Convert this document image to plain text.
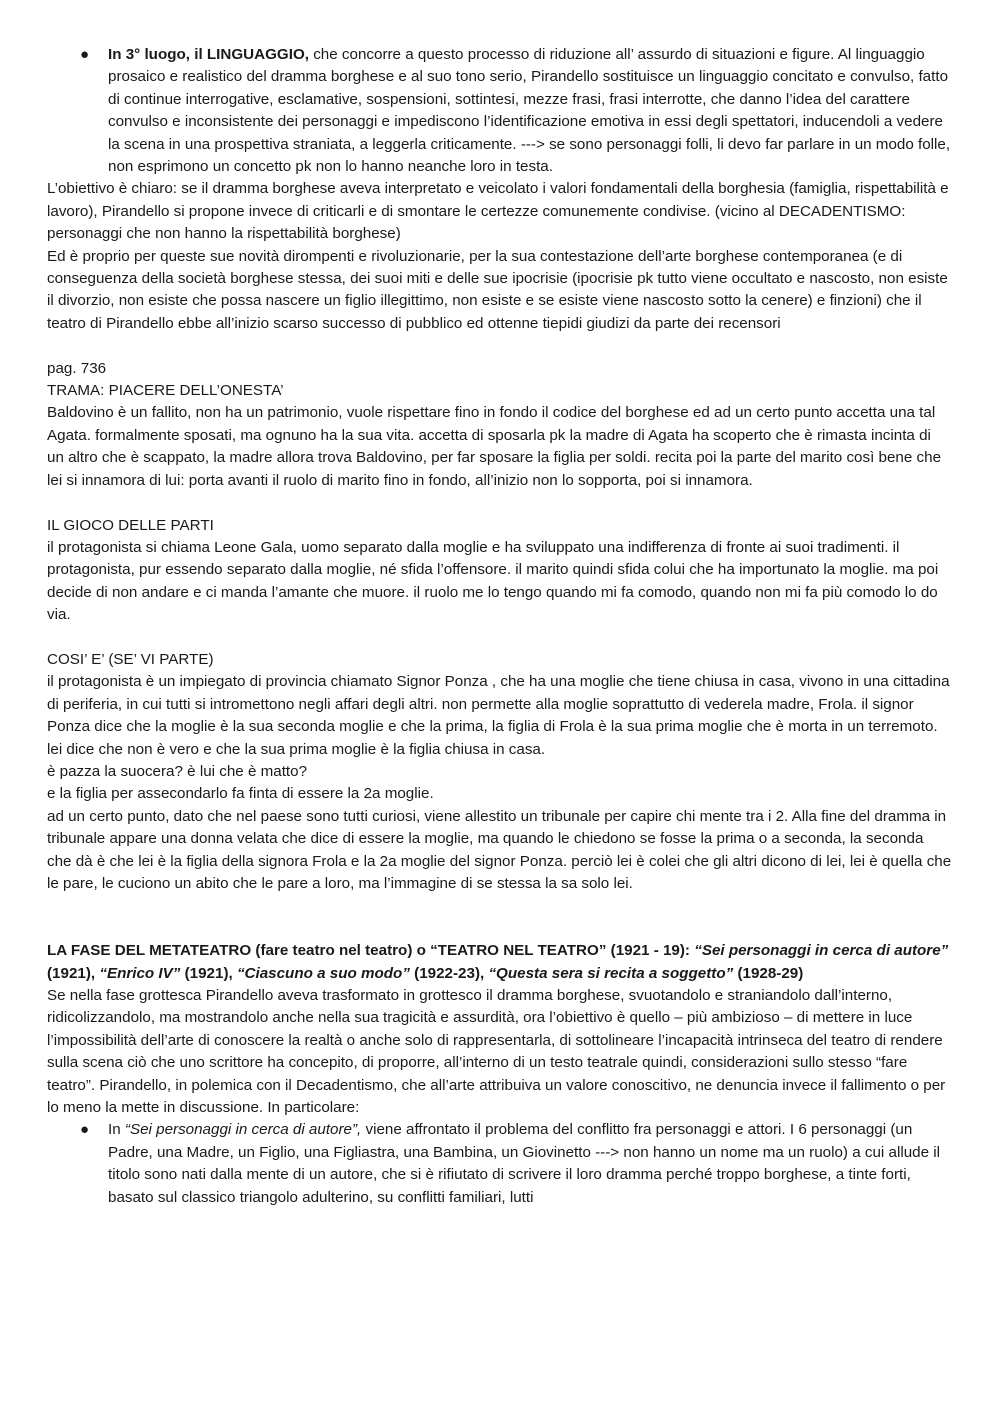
● In 3° luogo, il LINGUAGGIO, che concorre a questo processo di riduzione all’ assurdo di situazioni e figure. Al linguaggio prosaico e realistico del dramma borghese e al suo tono serio, Pirandello sostituisce un linguaggio concitato e convulso, fatto di continue interrogative, esclamative, sospensioni, sottintesi, mezze frasi, frasi interrotte, che danno l’idea del carattere convulso e inconsistente dei personaggi e impediscono l’identificazione emotiva in essi degli spettatori, inducendoli a vedere la scena in una prospettiva straniata, a leggerla criticamente. ---> se sono personaggi folli, li devo far parlare in un modo folle, non esprimono un concetto pk non lo hanno neanche loro in testa.

L’obiettivo è chiaro: se il dramma borghese aveva interpretato e veicolato i valori fondamentali della borghesia (famiglia, rispettabilità e lavoro), Pirandello si propone invece di criticarli e di smontare le certezze comunemente condivise. (vicino al DECADENTISMO: personaggi che non hanno la rispettabilità borghese)

Ed è proprio per queste sue novità dirompenti e rivoluzionarie, per la sua contestazione dell’arte borghese contemporanea (e di conseguenza della società borghese stessa, dei suoi miti e delle sue ipocrisie (ipocrisie pk tutto viene occultato e nascosto, non esiste il divorzio, non esiste che possa nascere un figlio illegittimo, non esiste e se esiste viene nascosto sotto la cenere) e finzioni) che il teatro di Pirandello ebbe all’inizio scarso successo di pubblico ed ottenne tiepidi giudizi da parte dei recensori

pag. 736

TRAMA: PIACERE DELL’ONESTA’

Baldovino è un fallito, non ha un patrimonio, vuole rispettare fino in fondo il codice del borghese ed ad un certo punto accetta una tal Agata. formalmente sposati, ma ognuno ha la sua vita. accetta di sposarla pk la madre di Agata ha scoperto che è rimasta incinta di un altro che è scappato, la madre allora trova Baldovino, per far sposare la figlia per soldi. recita poi la parte del marito così bene che lei si innamora di lui: porta avanti il ruolo di marito fino in fondo, all’inizio non lo sopporta, poi si innamora.

IL GIOCO DELLE PARTI

il protagonista si chiama Leone Gala, uomo separato dalla moglie e ha sviluppato una indifferenza di fronte ai suoi tradimenti. il protagonista, pur essendo separato dalla moglie, né sfida l’offensore. il marito quindi sfida colui che ha importunato la moglie. ma poi decide di non andare e ci manda l’amante che muore. il ruolo me lo tengo quando mi fa comodo, quando non mi fa più comodo lo do via.

COSI’ E’ (SE’ VI PARTE)

il protagonista è un impiegato di provincia chiamato Signor Ponza , che ha una moglie che tiene chiusa in casa, vivono in una cittadina di periferia, in cui tutti si intromettono negli affari degli altri. non permette alla moglie soprattutto di vederela madre, Frola. il signor Ponza dice che la moglie è la sua seconda moglie e che la prima, la figlia di Frola è la sua prima moglie che è morta in un terremoto. lei dice che non è vero e che la sua prima moglie è la figlia chiusa in casa.

è pazza la suocera? è lui che è matto?

e la figlia per assecondarlo fa finta di essere la 2a moglie.

ad un certo punto, dato che nel paese sono tutti curiosi, viene allestito un tribunale per capire chi mente tra i 2. Alla fine del dramma in tribunale appare una donna velata che dice di essere la moglie, ma quando le chiedono se fosse la prima o a seconda, la seconda che dà è che lei è la figlia della signora Frola e la 2a moglie del signor Ponza. perciò lei è colei che gli altri dicono di lei, lei è quella che le pare, le cuciono un abito che le pare a loro, ma l’immagine di se stessa la sa solo lei.

LA FASE DEL METATEATRO (fare teatro nel teatro) o “TEATRO NEL TEATRO” (1921 - 19): “Sei personaggi in cerca di autore” (1921), “Enrico IV” (1921), “Ciascuno a suo modo” (1922-23), “Questa sera si recita a soggetto” (1928-29)

Se nella fase grottesca Pirandello aveva trasformato in grottesco il dramma borghese, svuotandolo e straniandolo dall’interno, ridicolizzandolo, ma mostrandolo anche nella sua tragicità e assurdità, ora l’obiettivo è quello – più ambizioso – di mettere in luce l’impossibilità dell’arte di conoscere la realtà o anche solo di rappresentarla, di sottolineare l’incapacità intrinseca del teatro di rendere sulla scena ciò che uno scrittore ha concepito, di proporre, all’interno di un testo teatrale quindi, considerazioni sullo stesso “fare teatro”. Pirandello, in polemica con il Decadentismo, che all’arte attribuiva un valore conoscitivo, ne denuncia invece il fallimento o per lo meno la mette in discussione. In particolare:

● In “Sei personaggi in cerca di autore”, viene affrontato il problema del conflitto fra personaggi e attori. I 6 personaggi (un Padre, una Madre, un Figlio, una Figliastra, una Bambina, un Giovinetto ---> non hanno un nome ma un ruolo) a cui allude il titolo sono nati dalla mente di un autore, che si è rifiutato di scrivere il loro dramma perché troppo borghese, a tinte forti, basato sul classico triangolo adulterino, su conflitti familiari, lutti
